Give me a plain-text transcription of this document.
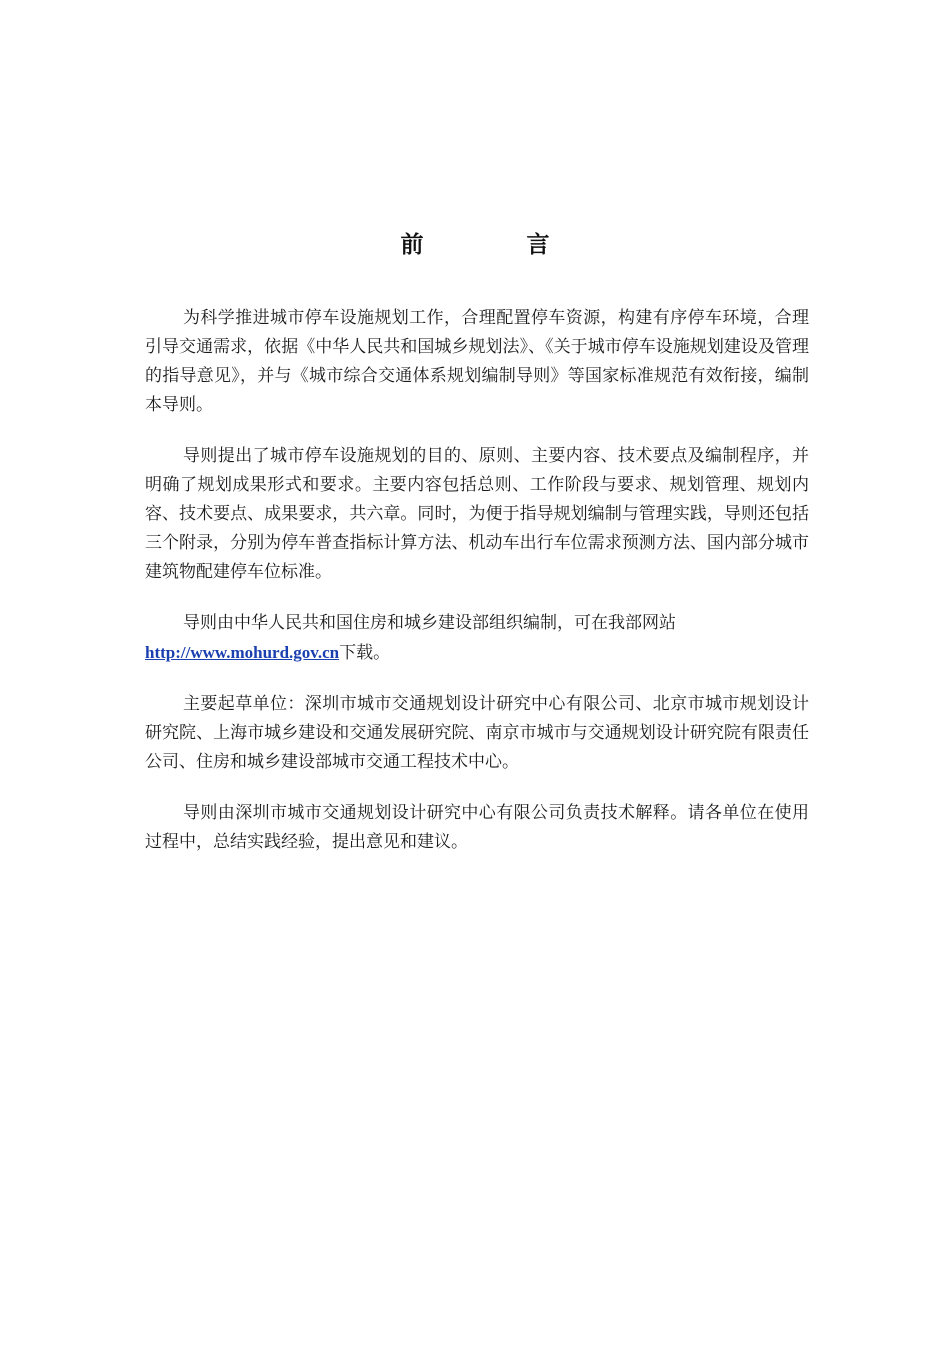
前　言

为科学推进城市停车设施规划工作，合理配置停车资源，构建有序停车环境，合理引导交通需求，依据《中华人民共和国城乡规划法》、《关于城市停车设施规划建设及管理的指导意见》，并与《城市综合交通体系规划编制导则》等国家标准规范有效衔接，编制本导则。

导则提出了城市停车设施规划的目的、原则、主要内容、技术要点及编制程序，并明确了规划成果形式和要求。主要内容包括总则、工作阶段与要求、规划管理、规划内容、技术要点、成果要求，共六章。同时，为便于指导规划编制与管理实践，导则还包括三个附录，分别为停车普查指标计算方法、机动车出行车位需求预测方法、国内部分城市建筑物配建停车位标准。

导则由中华人民共和国住房和城乡建设部组织编制，可在我部网站
http://www.mohurd.gov.cn下载。

主要起草单位：深圳市城市交通规划设计研究中心有限公司、北京市城市规划设计研究院、上海市城乡建设和交通发展研究院、南京市城市与交通规划设计研究院有限责任公司、住房和城乡建设部城市交通工程技术中心。

导则由深圳市城市交通规划设计研究中心有限公司负责技术解释。请各单位在使用过程中，总结实践经验，提出意见和建议。
